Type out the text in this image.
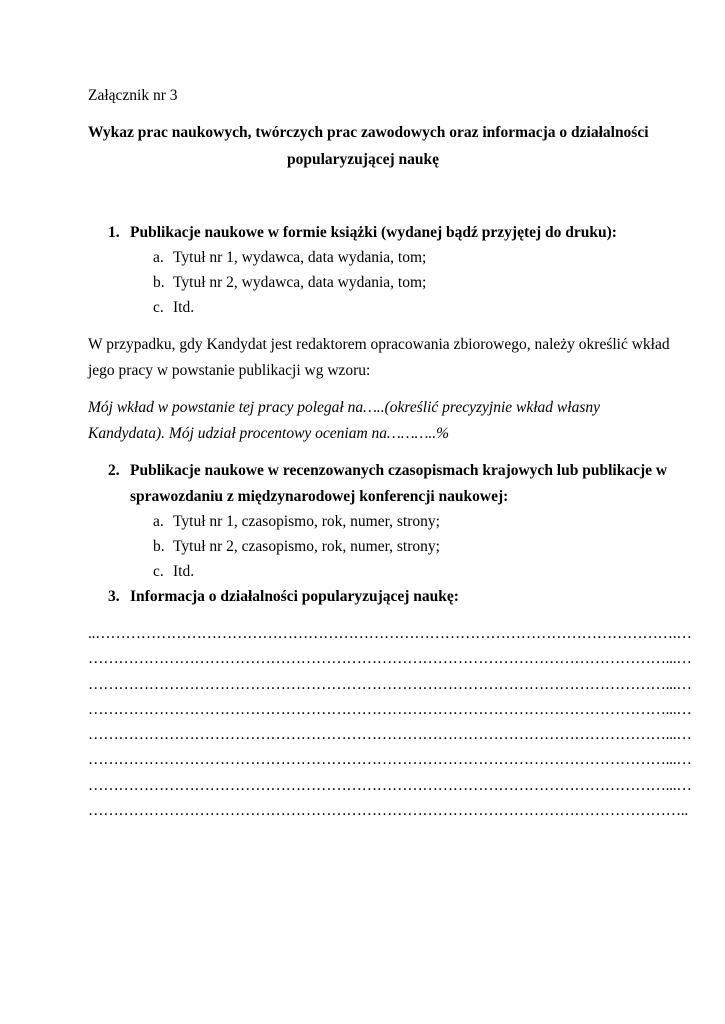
Załącznik nr 3
Wykaz prac naukowych, twórczych prac zawodowych oraz informacja o działalności
popularyzującej naukę
1. Publikacje naukowe w formie książki (wydanej bądź przyjętej do druku):
a. Tytuł nr 1, wydawca, data wydania, tom;
b. Tytuł nr 2, wydawca, data wydania, tom;
c. Itd.
W przypadku, gdy Kandydat jest redaktorem opracowania zbiorowego, należy określić wkład
jego pracy w powstanie publikacji wg wzoru:
Mój wkład w powstanie tej pracy polegał na…..(określić precyzyjnie wkład własny
Kandydata). Mój udział procentowy oceniam na………..%
2. Publikacje naukowe w recenzowanych czasopismach krajowych lub publikacje w
sprawozdaniu z międzynarodowej konferencji naukowej:
a. Tytuł nr 1, czasopismo, rok, numer, strony;
b. Tytuł nr 2, czasopismo, rok, numer, strony;
c. Itd.
3. Informacja o działalności popularyzującej naukę:
..…………………………………………………………………………………………………….…
……………………………………………………………………………………………………...…
……………………………………………………………………………………………………...…
……………………………………………………………………………………………………...…
……………………………………………………………………………………………………...…
……………………………………………………………………………………………………...…
……………………………………………………………………………………………………...…
………………………………………………………………………………………………………..
